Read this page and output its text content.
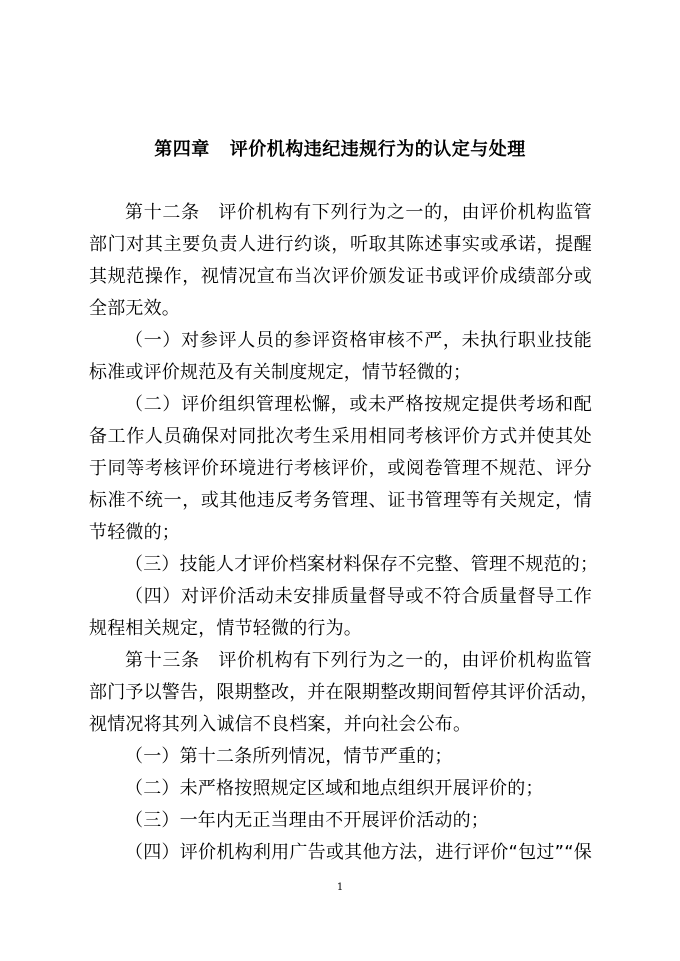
第四章 评价机构违纪违规行为的认定与处理
第十二条 评价机构有下列行为之一的，由评价机构监管
部门对其主要负责人进行约谈，听取其陈述事实或承诺，提醒
其规范操作，视情况宣布当次评价颁发证书或评价成绩部分或
全部无效。
（一）对参评人员的参评资格审核不严，未执行职业技能
标准或评价规范及有关制度规定，情节轻微的；
（二）评价组织管理松懈，或未严格按规定提供考场和配
备工作人员确保对同批次考生采用相同考核评价方式并使其处
于同等考核评价环境进行考核评价，或阅卷管理不规范、评分
标准不统一，或其他违反考务管理、证书管理等有关规定，情
节轻微的；
（三）技能人才评价档案材料保存不完整、管理不规范的；
（四）对评价活动未安排质量督导或不符合质量督导工作
规程相关规定，情节轻微的行为。
第十三条 评价机构有下列行为之一的，由评价机构监管
部门予以警告，限期整改，并在限期整改期间暂停其评价活动，
视情况将其列入诚信不良档案，并向社会公布。
（一）第十二条所列情况，情节严重的；
（二）未严格按照规定区域和地点组织开展评价的；
（三）一年内无正当理由不开展评价活动的；
（四）评价机构利用广告或其他方法，进行评价“包过”“保
1
